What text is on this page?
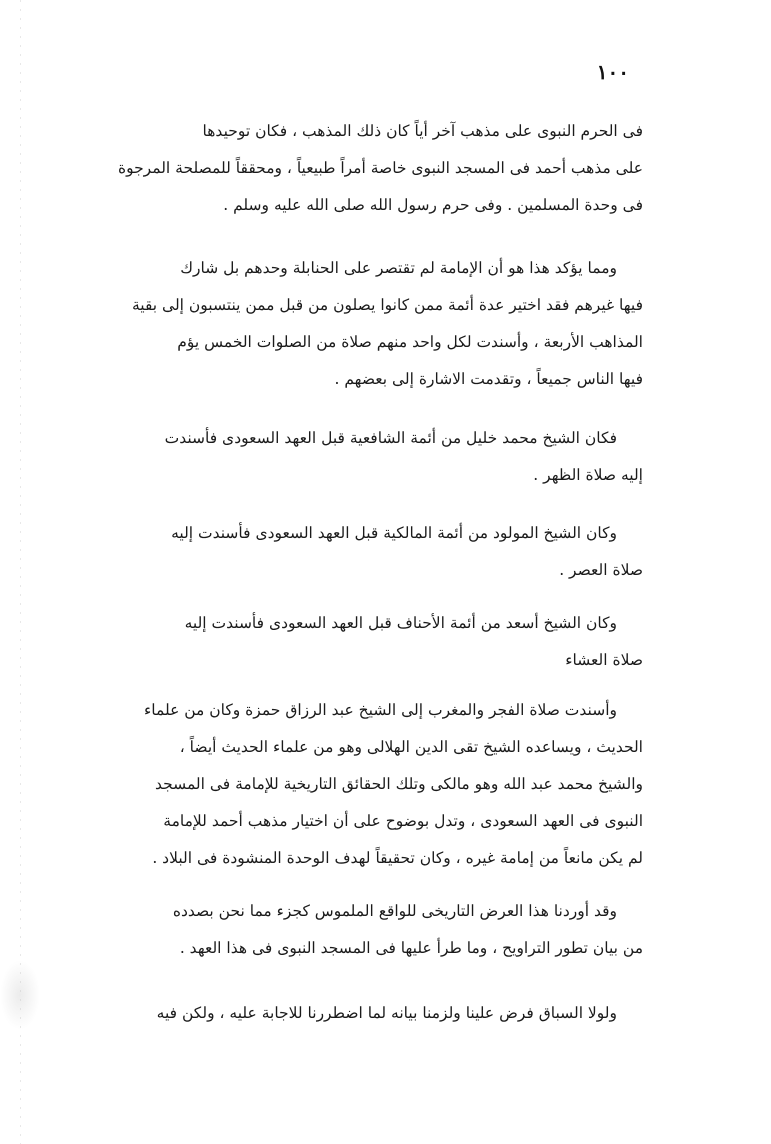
١٠٠

فى الحرم النبوى على مذهب آخر أياً كان ذلك المذهب ، فكان توحيدها
على مذهب أحمد فى المسجد النبوى خاصة أمراً طبيعياً ، ومحققاً للمصلحة المرجوة
فى وحدة المسلمين . وفى حرم رسول الله صلى الله عليه وسلم .

ومما يؤكد هذا هو أن الإمامة لم تقتصر على الحنابلة وحدهم بل شارك
فيها غيرهم فقد اختير عدة أئمة ممن كانوا يصلون من قبل ممن ينتسبون إلى بقية
المذاهب الأربعة ، وأسندت لكل واحد منهم صلاة من الصلوات الخمس يؤم
فيها الناس جميعاً ، وتقدمت الاشارة إلى بعضهم .

فكان الشيخ محمد خليل من أئمة الشافعية قبل العهد السعودى فأسندت
إليه صلاة الظهر .

وكان الشيخ المولود من أئمة المالكية قبل العهد السعودى فأسندت إليه
صلاة العصر .

وكان الشيخ أسعد من أئمة الأحناف قبل العهد السعودى فأسندت إليه
صلاة العشاء

وأسندت صلاة الفجر والمغرب إلى الشيخ عبد الرزاق حمزة وكان من علماء
الحديث ، ويساعده الشيخ تقى الدين الهلالى وهو من علماء الحديث أيضاً ،
والشيخ محمد عبد الله وهو مالكى وتلك الحقائق التاريخية للإمامة فى المسجد
النبوى فى العهد السعودى ، وتدل بوضوح على أن اختيار مذهب أحمد للإمامة
لم يكن مانعاً من إمامة غيره ، وكان تحقيقاً لهدف الوحدة المنشودة فى البلاد .

وقد أوردنا هذا العرض التاريخى للواقع الملموس كجزء مما نحن بصدده
من بيان تطور التراويح ، وما طرأ عليها فى المسجد النبوى فى هذا العهد .

ولولا السباق فرض علينا ولزمنا بيانه لما اضطررنا للاجابة عليه ، ولكن فيه
